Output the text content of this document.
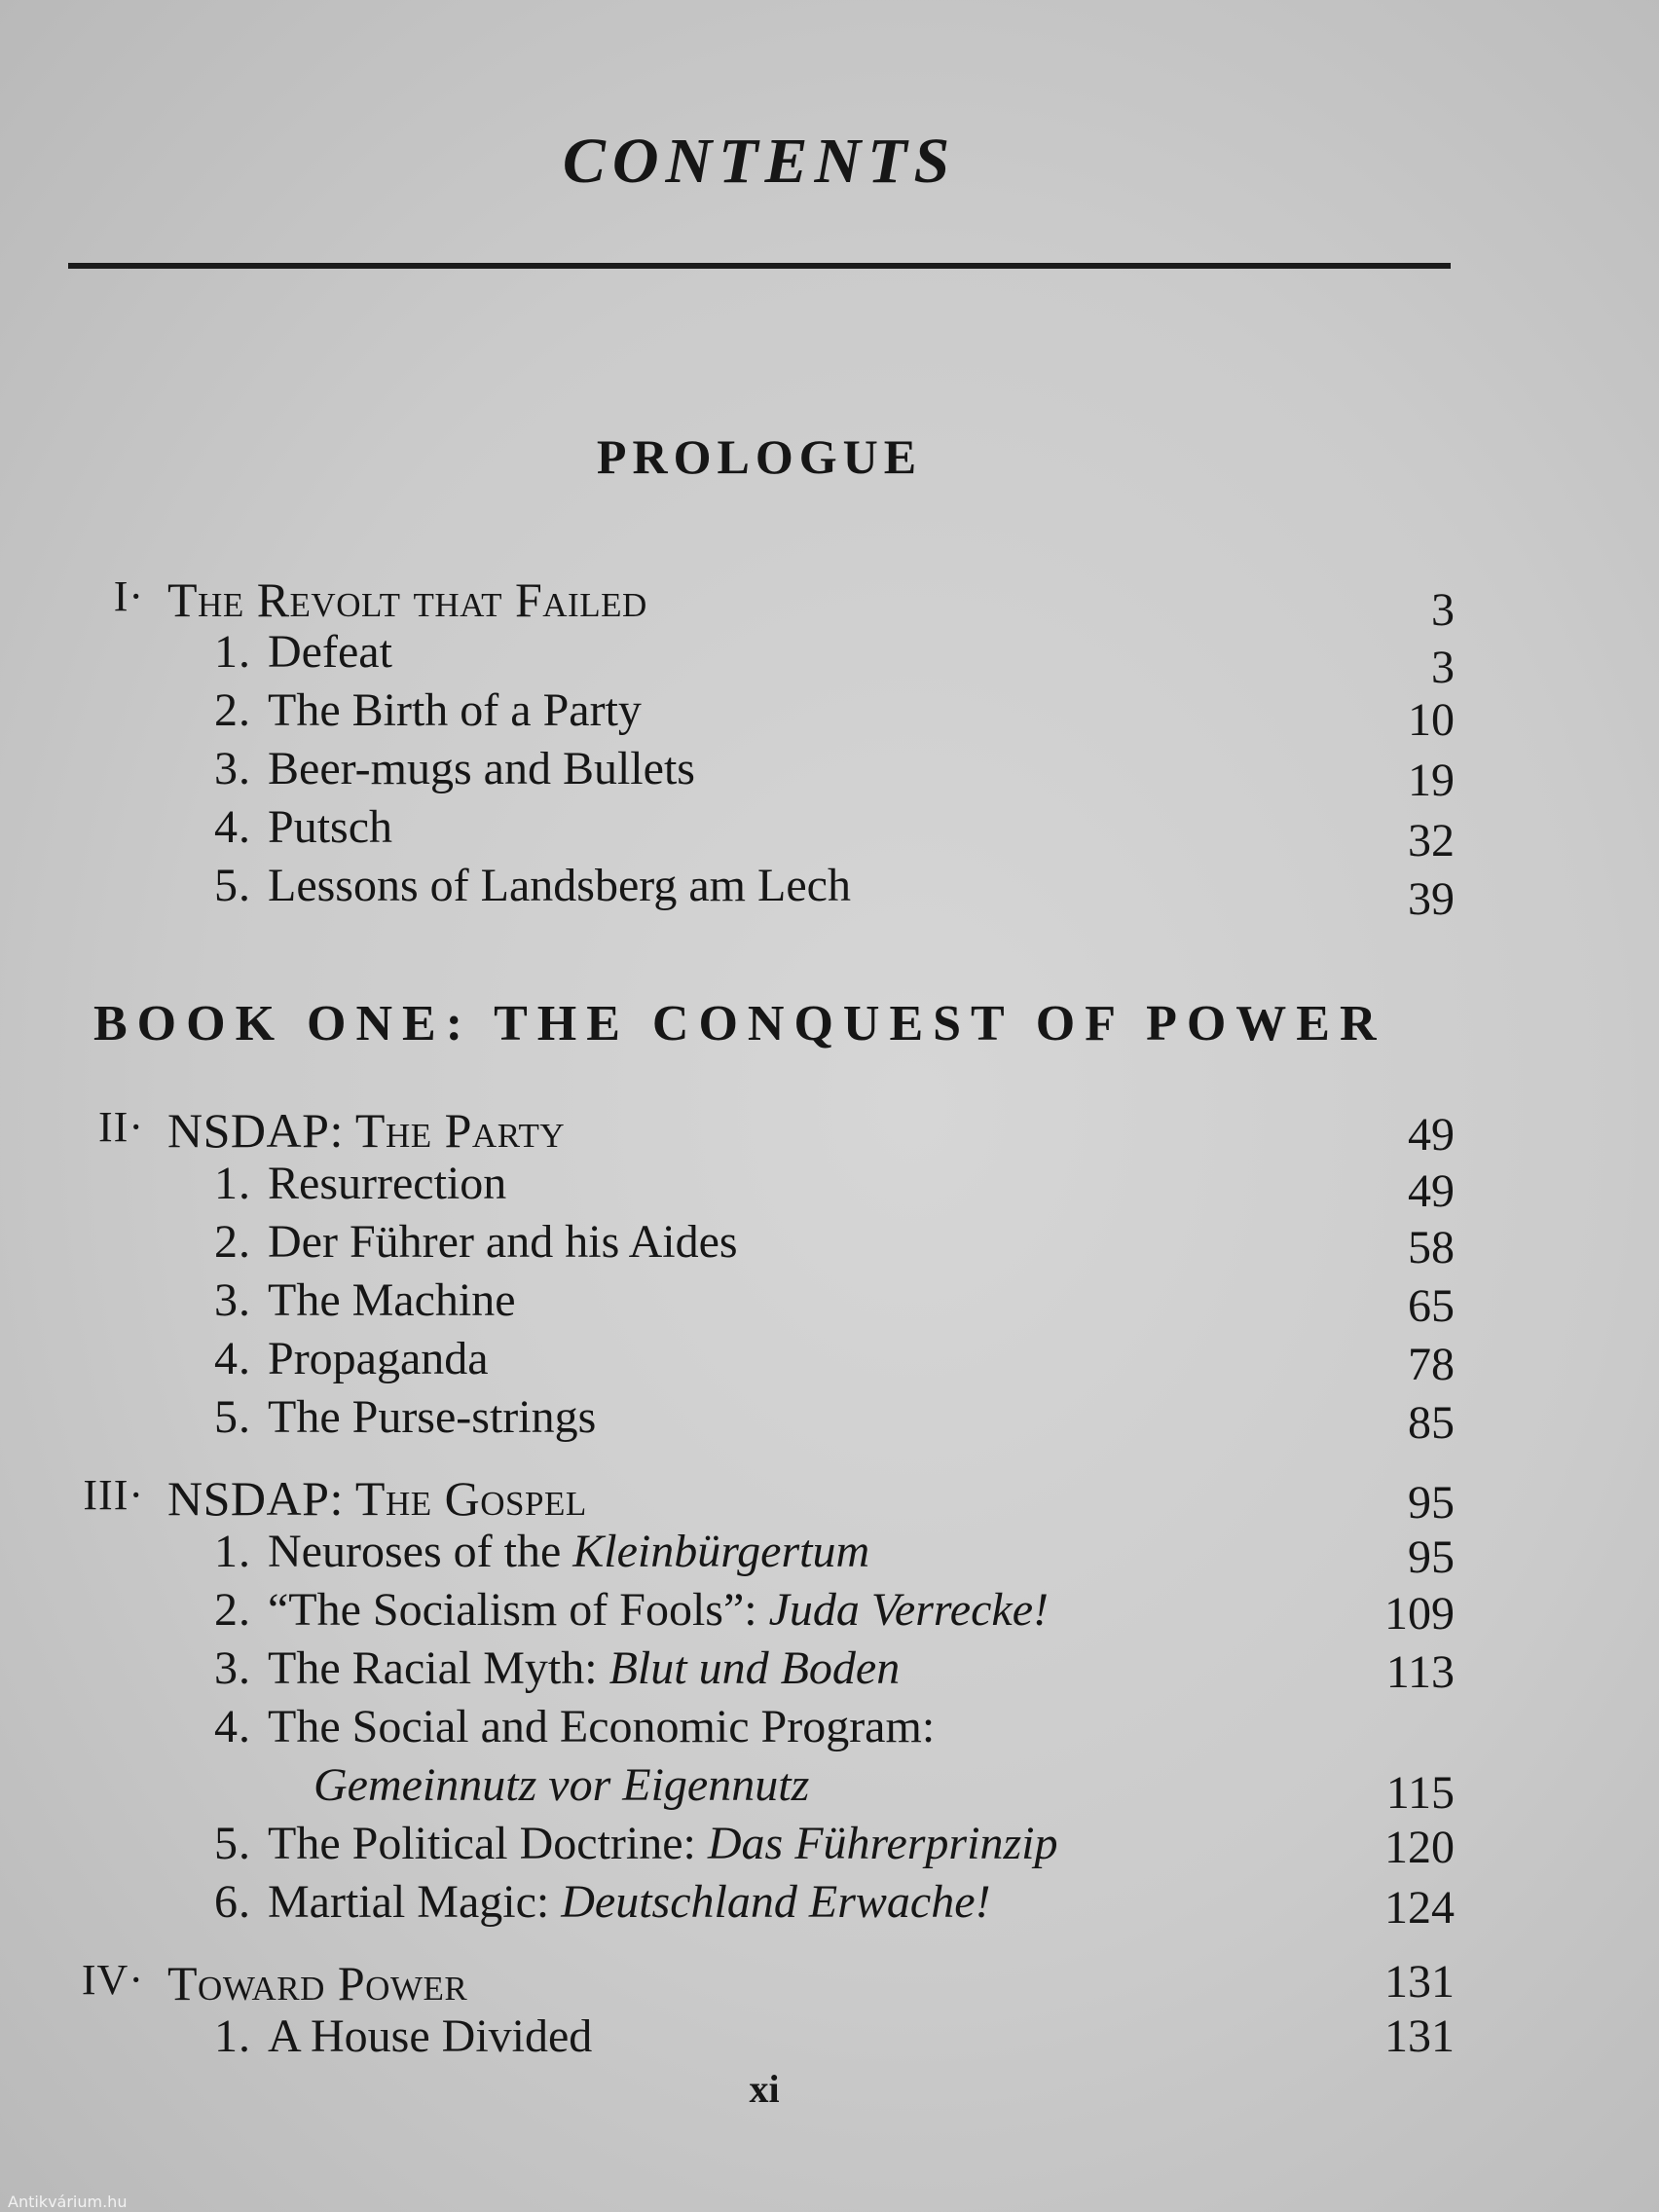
CONTENTS
PROLOGUE
I· The Revolt that Failed	3
1. Defeat	3
2. The Birth of a Party	10
3. Beer-mugs and Bullets	19
4. Putsch	32
5. Lessons of Landsberg am Lech	39
BOOK ONE: THE CONQUEST OF POWER
II· NSDAP: The Party	49
1. Resurrection	49
2. Der Führer and his Aides	58
3. The Machine	65
4. Propaganda	78
5. The Purse-strings	85
III· NSDAP: The Gospel	95
1. Neuroses of the Kleinbürgertum	95
2. “The Socialism of Fools”: Juda Verrecke!	109
3. The Racial Myth: Blut und Boden	113
4. The Social and Economic Program:
Gemeinnutz vor Eigennutz	115
5. The Political Doctrine: Das Führerprinzip	120
6. Martial Magic: Deutschland Erwache!	124
IV· Toward Power	131
1. A House Divided	131
xi
Antikvárium.hu
